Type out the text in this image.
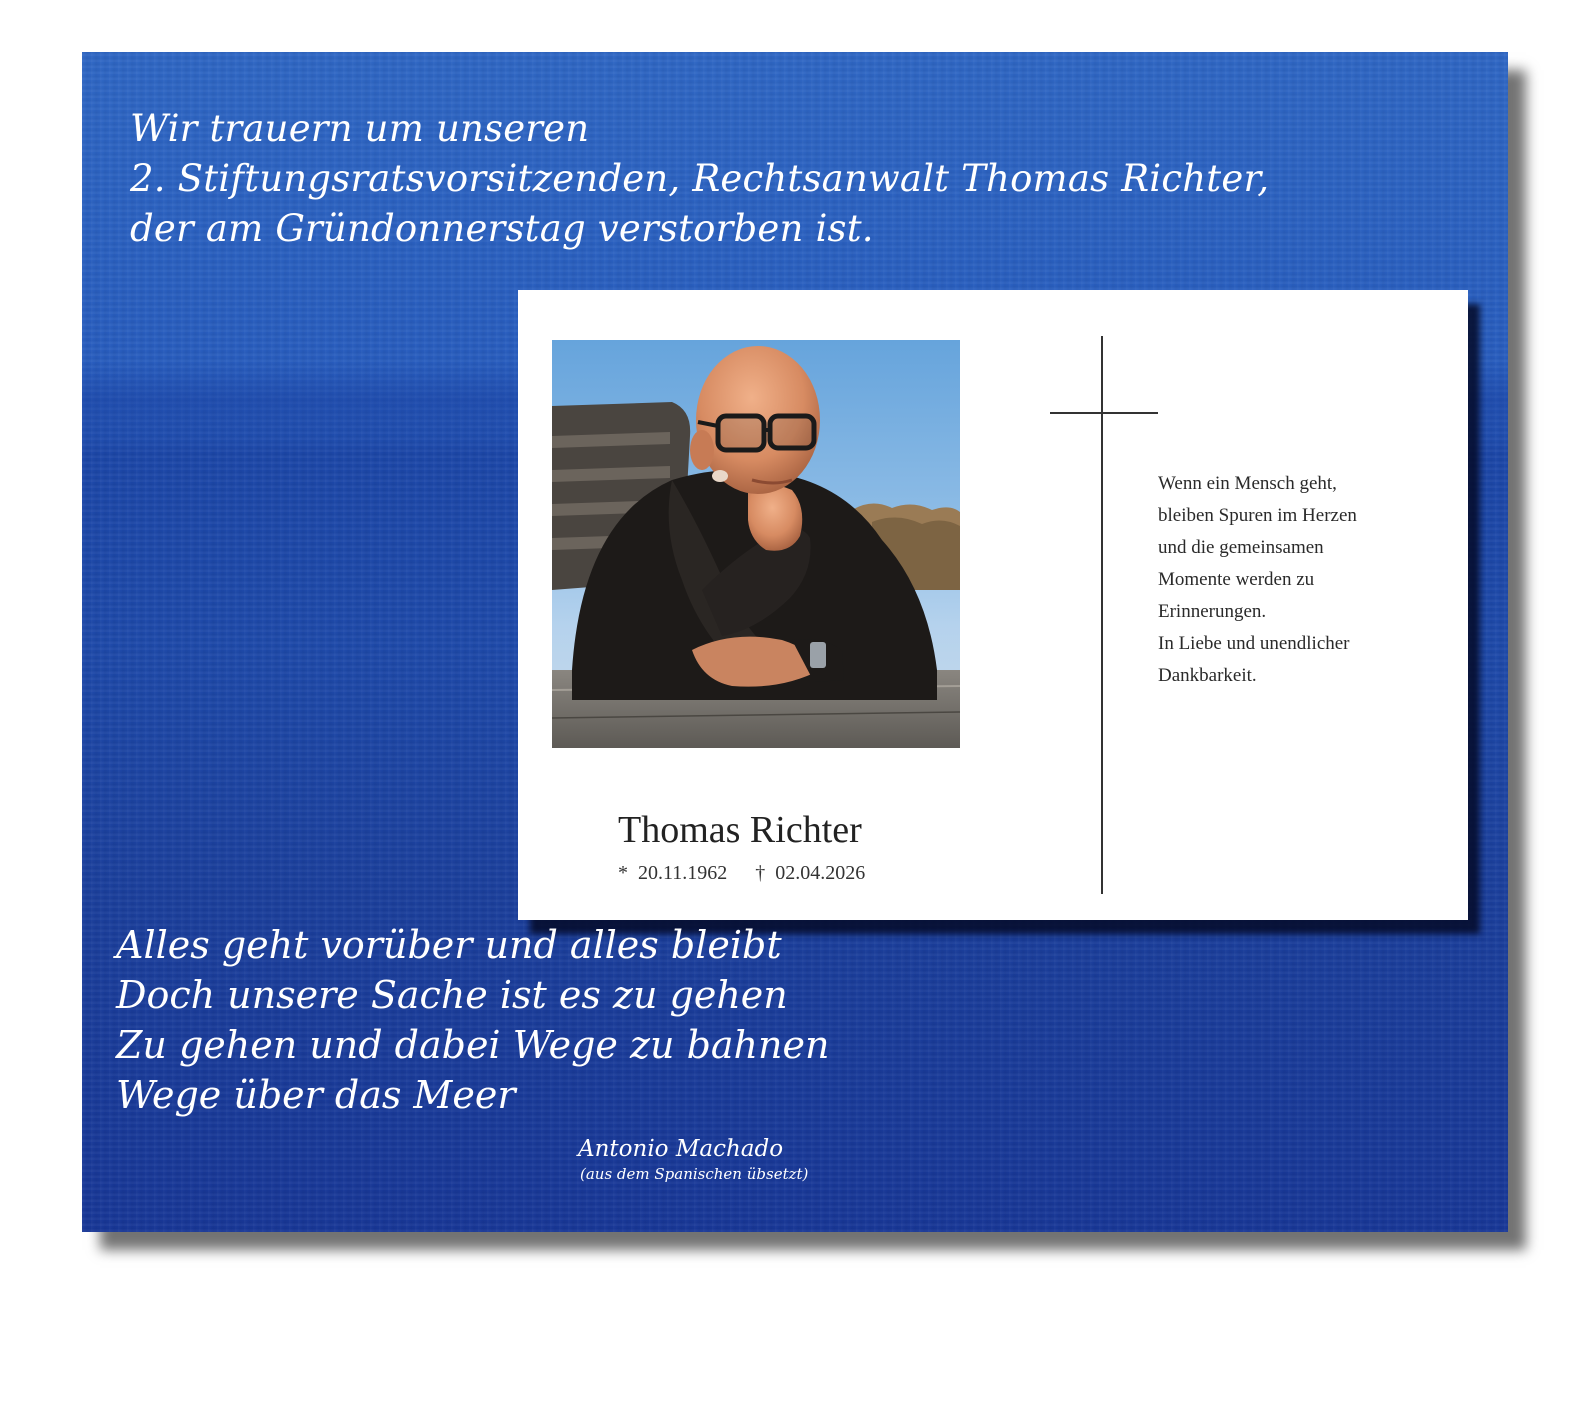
Wir trauern um unseren
2. Stiftungsratsvorsitzenden, Rechtsanwalt Thomas Richter,
der am Gründonnerstag verstorben ist.
Thomas Richter
* 20.11.1962 † 02.04.2026
Wenn ein Mensch geht,
bleiben Spuren im Herzen
und die gemeinsamen
Momente werden zu
Erinnerungen.
In Liebe und unendlicher
Dankbarkeit.
Alles geht vorüber und alles bleibt
Doch unsere Sache ist es zu gehen
Zu gehen und dabei Wege zu bahnen
Wege über das Meer
Antonio Machado
(aus dem Spanischen übsetzt)
